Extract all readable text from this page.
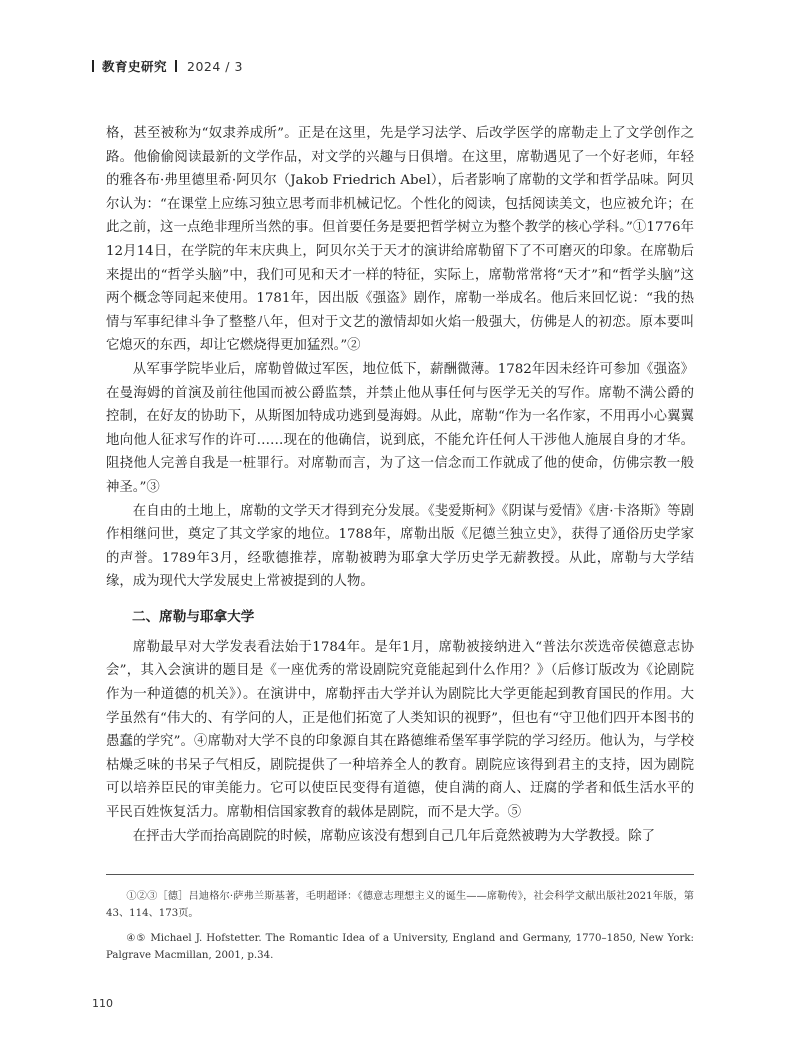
教育史研究 2024 / 3

格，甚至被称为“奴隶养成所”。正是在这里，先是学习法学、后改学医学的席勒走上了文学创作之路。他偷偷阅读最新的文学作品，对文学的兴趣与日俱增。在这里，席勒遇见了一个好老师，年轻的雅各布·弗里德里希·阿贝尔（Jakob Friedrich Abel），后者影响了席勒的文学和哲学品味。阿贝尔认为：“在课堂上应练习独立思考而非机械记忆。个性化的阅读，包括阅读美文，也应被允许；在此之前，这一点绝非理所当然的事。但首要任务是要把哲学树立为整个教学的核心学科。”①1776年12月14日，在学院的年末庆典上，阿贝尔关于天才的演讲给席勒留下了不可磨灭的印象。在席勒后来提出的“哲学头脑”中，我们可见和天才一样的特征，实际上，席勒常常将“天才”和“哲学头脑”这两个概念等同起来使用。1781年，因出版《强盗》剧作，席勒一举成名。他后来回忆说：“我的热情与军事纪律斗争了整整八年，但对于文艺的激情却如火焰一般强大，仿佛是人的初恋。原本要叫它熄灭的东西，却让它燃烧得更加猛烈。”②

从军事学院毕业后，席勒曾做过军医，地位低下，薪酬微薄。1782年因未经许可参加《强盗》在曼海姆的首演及前往他国而被公爵监禁，并禁止他从事任何与医学无关的写作。席勒不满公爵的控制，在好友的协助下，从斯图加特成功逃到曼海姆。从此，席勒“作为一名作家，不用再小心翼翼地向他人征求写作的许可……现在的他确信，说到底，不能允许任何人干涉他人施展自身的才华。阻挠他人完善自我是一桩罪行。对席勒而言，为了这一信念而工作就成了他的使命，仿佛宗教一般神圣。”③

在自由的土地上，席勒的文学天才得到充分发展。《斐爱斯柯》《阴谋与爱情》《唐·卡洛斯》等剧作相继问世，奠定了其文学家的地位。1788年，席勒出版《尼德兰独立史》，获得了通俗历史学家的声誉。1789年3月，经歌德推荐，席勒被聘为耶拿大学历史学无薪教授。从此，席勒与大学结缘，成为现代大学发展史上常被提到的人物。

二、席勒与耶拿大学

席勒最早对大学发表看法始于1784年。是年1月，席勒被接纳进入“普法尔茨选帝侯德意志协会”，其入会演讲的题目是《一座优秀的常设剧院究竟能起到什么作用？》（后修订版改为《论剧院作为一种道德的机关》）。在演讲中，席勒抨击大学并认为剧院比大学更能起到教育国民的作用。大学虽然有“伟大的、有学问的人，正是他们拓宽了人类知识的视野”，但也有“守卫他们四开本图书的愚蠢的学究”。④席勒对大学不良的印象源自其在路德维希堡军事学院的学习经历。他认为，与学校枯燥乏味的书呆子气相反，剧院提供了一种培养全人的教育。剧院应该得到君主的支持，因为剧院可以培养臣民的审美能力。它可以使臣民变得有道德，使自满的商人、迂腐的学者和低生活水平的平民百姓恢复活力。席勒相信国家教育的载体是剧院，而不是大学。⑤

在抨击大学而抬高剧院的时候，席勒应该没有想到自己几年后竟然被聘为大学教授。除了

①②③［德］吕迪格尔·萨弗兰斯基著，毛明超译：《德意志理想主义的诞生——席勒传》，社会科学文献出版社2021年版，第43、114、173页。

④⑤ Michael J. Hofstetter. The Romantic Idea of a University, England and Germany, 1770–1850, New York: Palgrave Macmillan, 2001, p.34.

110
